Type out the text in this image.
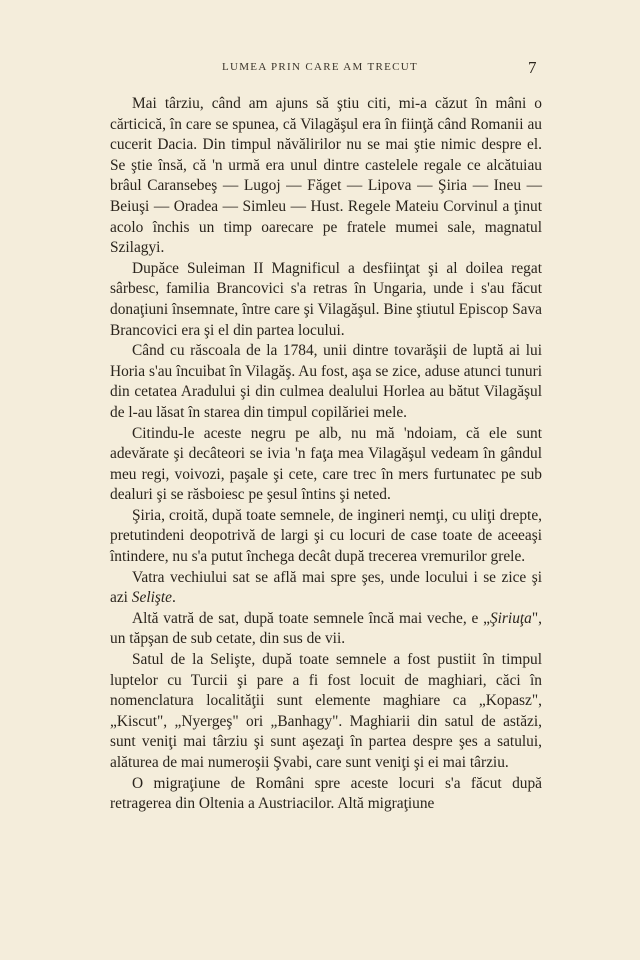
LUMEA PRIN CARE AM TRECUT	7

Mai târziu, când am ajuns să ştiu citi, mi-a căzut în mâni o cărticică, în care se spunea, că Vilagăşul era în fiinţă când Romanii au cucerit Dacia. Din timpul năvălirilor nu se mai ştie nimic despre el. Se ştie însă, că 'n urmă era unul dintre castelele regale ce alcătuiau brâul Caransebeş — Lugoj — Făget — Lipova — Şiria — Ineu — Beiuşi — Oradea — Simleu — Hust. Regele Mateiu Corvinul a ţinut acolo închis un timp oarecare pe fratele mumei sale, magnatul Szilagyi.

Dupăce Suleiman II Magnificul a desfiinţat şi al doilea regat sârbesc, familia Brancovici s'a retras în Ungaria, unde i s'au făcut donaţiuni însemnate, între care şi Vilagăşul. Bine ştiutul Episcop Sava Brancovici era şi el din partea locului.

Când cu răscoala de la 1784, unii dintre tovarăşii de luptă ai lui Horia s'au încuibat în Vilagăş. Au fost, aşa se zice, aduse atunci tunuri din cetatea Aradului şi din culmea dealului Horlea au bătut Vilagăşul de l-au lăsat în starea din timpul copilăriei mele.

Citindu-le aceste negru pe alb, nu mă 'ndoiam, că ele sunt adevărate şi decâteori se ivia 'n faţa mea Vilagăşul vedeam în gândul meu regi, voivozi, paşale şi cete, care trec în mers furtunatec pe sub dealuri şi se răsboiesc pe şesul întins şi neted.

Şiria, croită, după toate semnele, de ingineri nemţi, cu uliţi drepte, pretutindeni deopotrivă de largi şi cu locuri de case toate de aceeaşi întindere, nu s'a putut închega decât după trecerea vremurilor grele.

Vatra vechiului sat se află mai spre şes, unde locului i se zice şi azi Selişte.

Altă vatră de sat, după toate semnele încă mai veche, e „Şiriuţa", un tăpşan de sub cetate, din sus de vii.

Satul de la Selişte, după toate semnele a fost pustiit în timpul luptelor cu Turcii şi pare a fi fost locuit de maghiari, căci în nomenclatura localităţii sunt elemente maghiare ca „Kopasz", „Kiscut", „Nyergeş" ori „Banhagy". Maghiarii din satul de astăzi, sunt veniţi mai târziu şi sunt aşezaţi în partea despre şes a satului, alăturea de mai numeroşii Şvabi, care sunt veniţi şi ei mai târziu.

O migraţiune de Români spre aceste locuri s'a făcut după retragerea din Oltenia a Austriacilor. Altă migraţiune
